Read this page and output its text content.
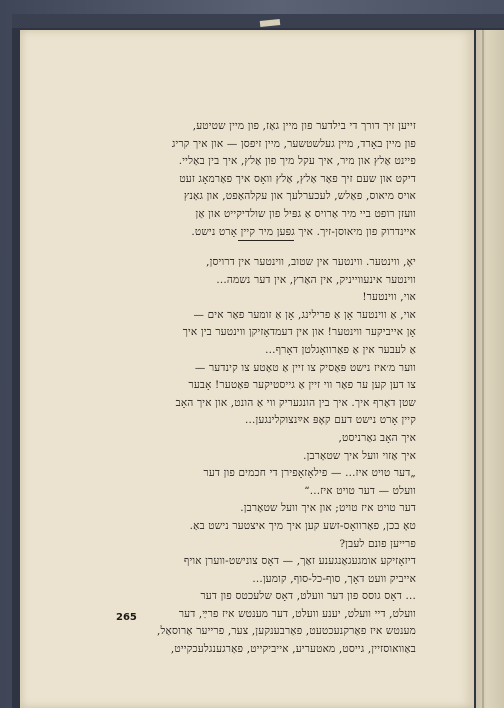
זייען זיך דורך די בילדער פון מיין גאַז, פון מיין שטיטע,
פון מיין באָרד, מיין געלשטשער, מיין זיפסן — און איך קריג
פיינט אַלץ און מיר, איך עקל מיך פון אַלץ, איך בין באַליי.
דיקט און שעם זיך פאַר אַלץ, אַלץ וואָס איך פאַרמאָג זעט
אויס מיאוס, פאַלש, לעכערלעך און עקלהאַפט, און גאַנץ
וועזן רופט ביי מיר אַרויס אַ גפּיל פון שולדיקייט און אַן
איינדרוק פון מיאוסן-זיך. איך גפּען מיר קיין אָרט נישט.
יאָ, ווינטער. ווינטער אין שטוב, ווינטער אין דרויסן,
ווינטער אינעווייניק, אין האַרץ, אין דער נשמה...
אוי, ווינטער!
אוי, אַ ווינטער אָן אַ פרילינג, אָן אַ זומער פאַר אים —
אָן אייביקער ווינטער! און אין דעמדאָזיקן ווינטער בין איך
אַ לעבער אין אַ פאַרוואָגלטן דאָרף...
ווער מ׳איז נישט פּאַסיק צו זיין אַ טאַטע צו קינדער —
צו דען קען ער פאַר ווי זיין אַ גייסטיקער פּאַטער! אָבער
שטן דאַרף איך. איך בין הונגעריק ווי אַ הונט, און איך האָב
קיין אָרט נישט דעם קאָפּ אײַנצוקלינגען...
איך האָב גאַרניסט,
איך אַזוי וועל איך שטאַרבן.
„דער טויט איז... — פילאָזאָפירן די חכמים פון דער
וועלט — דער טויט איז...“
דער טויט איז טויט; און איך וועל שטאַרבן.
טאָ בכן, פאַרוואָס-זשע קען איך מיך איצטער נישט באַ.
פרייען פונם לעבן?
דיזאָזיקע אומגעגאַנגענע זאַך, — דאָס צונישט-ווערן אויף
אייביק וועט דאָך, סוף-כל-סוף, קומען...
... דאָס גוסס פון דער וועלט, דאָס שלעכטס פון דער
וועלט, דיי וועלט, יענע וועלט, דער מענטש איז פרײַ, דער
מענטש איז פאַרקנעכטעט, פאַרבענקען, צער, פרייער אַרוסאַל,
באַוואוסזיין, גייסט, מאטעריע, אייביקייט, פאַרגענגלעכקייט,
265
